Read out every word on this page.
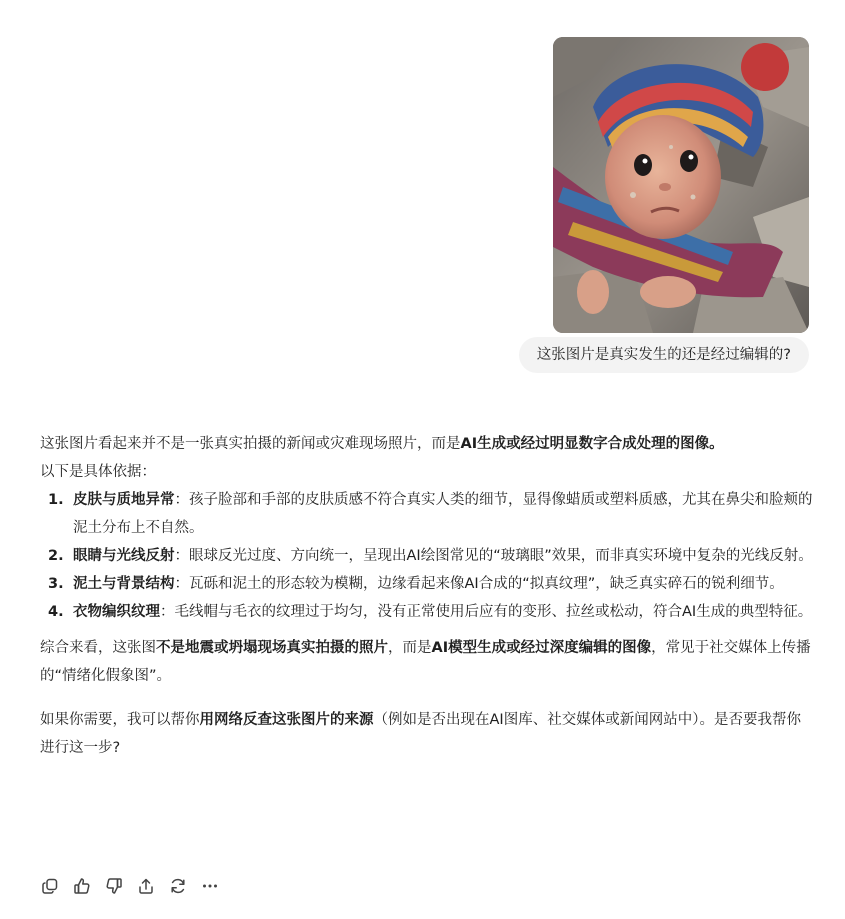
这张图片是真实发生的还是经过编辑的?

这张图片看起来并不是一张真实拍摄的新闻或灾难现场照片，而是AI生成或经过明显数字合成处理的图像。

以下是具体依据：

1. 皮肤与质地异常：孩子脸部和手部的皮肤质感不符合真实人类的细节，显得像蜡质或塑料质感，尤其在鼻尖和脸颊的泥土分布上不自然。
2. 眼睛与光线反射：眼球反光过度、方向统一，呈现出AI绘图常见的“玻璃眼”效果，而非真实环境中复杂的光线反射。
3. 泥土与背景结构：瓦砾和泥土的形态较为模糊，边缘看起来像AI合成的“拟真纹理”，缺乏真实碎石的锐利细节。
4. 衣物编织纹理：毛线帽与毛衣的纹理过于均匀，没有正常使用后应有的变形、拉丝或松动，符合AI生成的典型特征。

综合来看，这张图不是地震或坍塌现场真实拍摄的照片，而是AI模型生成或经过深度编辑的图像，常见于社交媒体上传播的“情绪化假象图”。

如果你需要，我可以帮你用网络反查这张图片的来源（例如是否出现在AI图库、社交媒体或新闻网站中）。是否要我帮你进行这一步?
